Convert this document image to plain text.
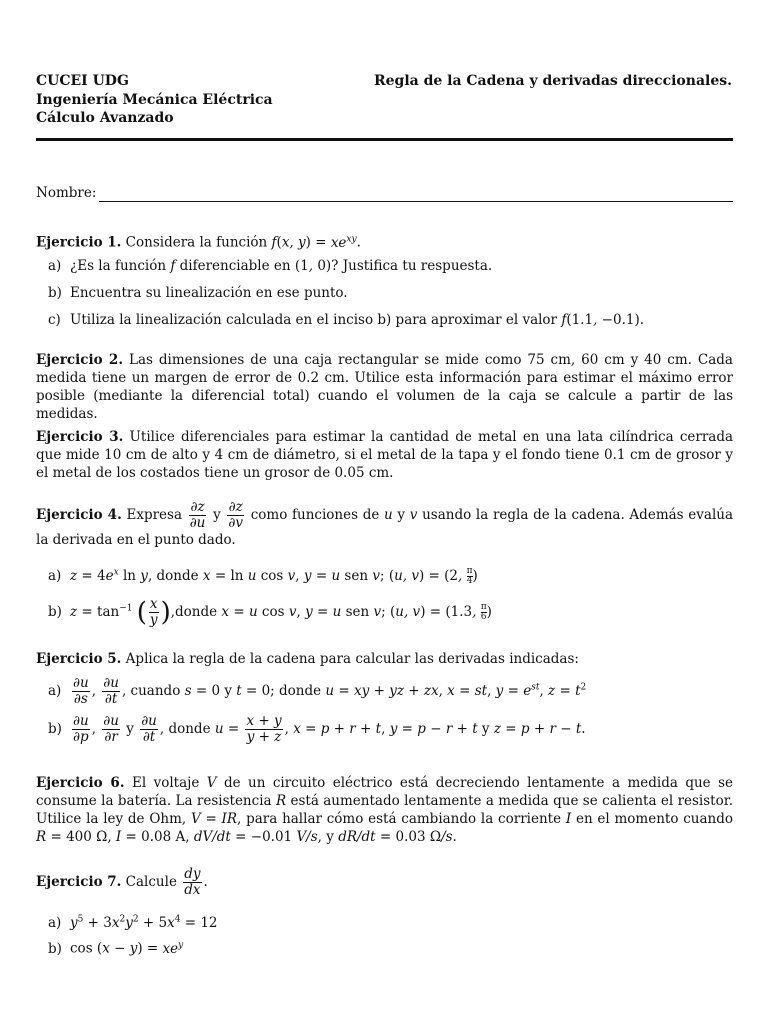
CUCEI UDG
Ingeniería Mecánica Eléctrica
Cálculo Avanzado
Regla de la Cadena y derivadas direccionales.
Nombre:
Ejercicio 1. Considera la función f(x, $y) = xe^{xy}$.
a) ¿Es la función f diferenciable en (1, 0)? Justifica tu respuesta.
b) Encuentra su linealización en ese punto.
c) Utiliza la linealización calculada en el inciso b) para aproximar el valor f(1.1, −0.1).
Ejercicio 2. Las dimensiones de una caja rectangular se mide como 75 cm, 60 cm y 40 cm. Cada medida tiene un margen de error de 0.2 cm. Utilice esta información para estimar el máximo error posible (mediante la diferencial total) cuando el volumen de la caja se calcule a partir de las medidas.
Ejercicio 3. Utilice diferenciales para estimar la cantidad de metal en una lata cilíndrica cerrada que mide 10 cm de alto y 4 cm de diámetro, si el metal de la tapa y el fondo tiene 0.1 cm de grosor y el metal de los costados tiene un grosor de 0.05 cm.
Ejercicio 4. Expresa $\frac{\partial z}{\partial u}$ y $\frac{\partial z}{\partial v}$ como funciones de u y v usando la regla de la cadena. Además evalúa la derivada en el punto dado.
a) $z = 4e^x$ ln y, donde x = ln u cos v, y = u sen v; (u, v) = (2, $\frac{\pi}{4}$)
b) $z = \tan^{-1}$ ( $\frac{x}{y}$ ),donde x = u cos v, y = u sen v; (u, v) = (1.3, $\frac{\pi}{6}$)
Ejercicio 5. Aplica la regla de la cadena para calcular las derivadas indicadas:
$a) \frac{\partial u}{\partial s}$ , $\frac{\partial u}{\partial t}$ , cuando s = 0 y t = 0; donde u = xy + yz + zx, x = st, $y = e^{st}$, $z = t^2$
$b) \frac{\partial u}{\partial p}$ , $\frac{\partial u}{\partial r}$ y $\frac{\partial u}{\partial t}$ , donde $u = \frac{x + y}{y + z}$ , x = p + r + t, y = p − r + t y z = p + r − t.
Ejercicio 6. El voltaje V de un circuito eléctrico está decreciendo lentamente a medida que se consume la batería. La resistencia R está aumentado lentamente a medida que se calienta el resistor. Utilice la ley de Ohm, V = IR, para hallar cómo está cambiando la corriente I en el momento cuando R = 400 Ω, I = 0.08 A, dV/dt = −0.01 V/s, y dR/dt = 0.03 Ω/s.
Ejercicio 7. Calcule $\frac{dy}{dx}$ .
a) $y^5 + 3x^2y^2 + 5x^4 = 12$
b) $\cos (x - y) = xe^y$
